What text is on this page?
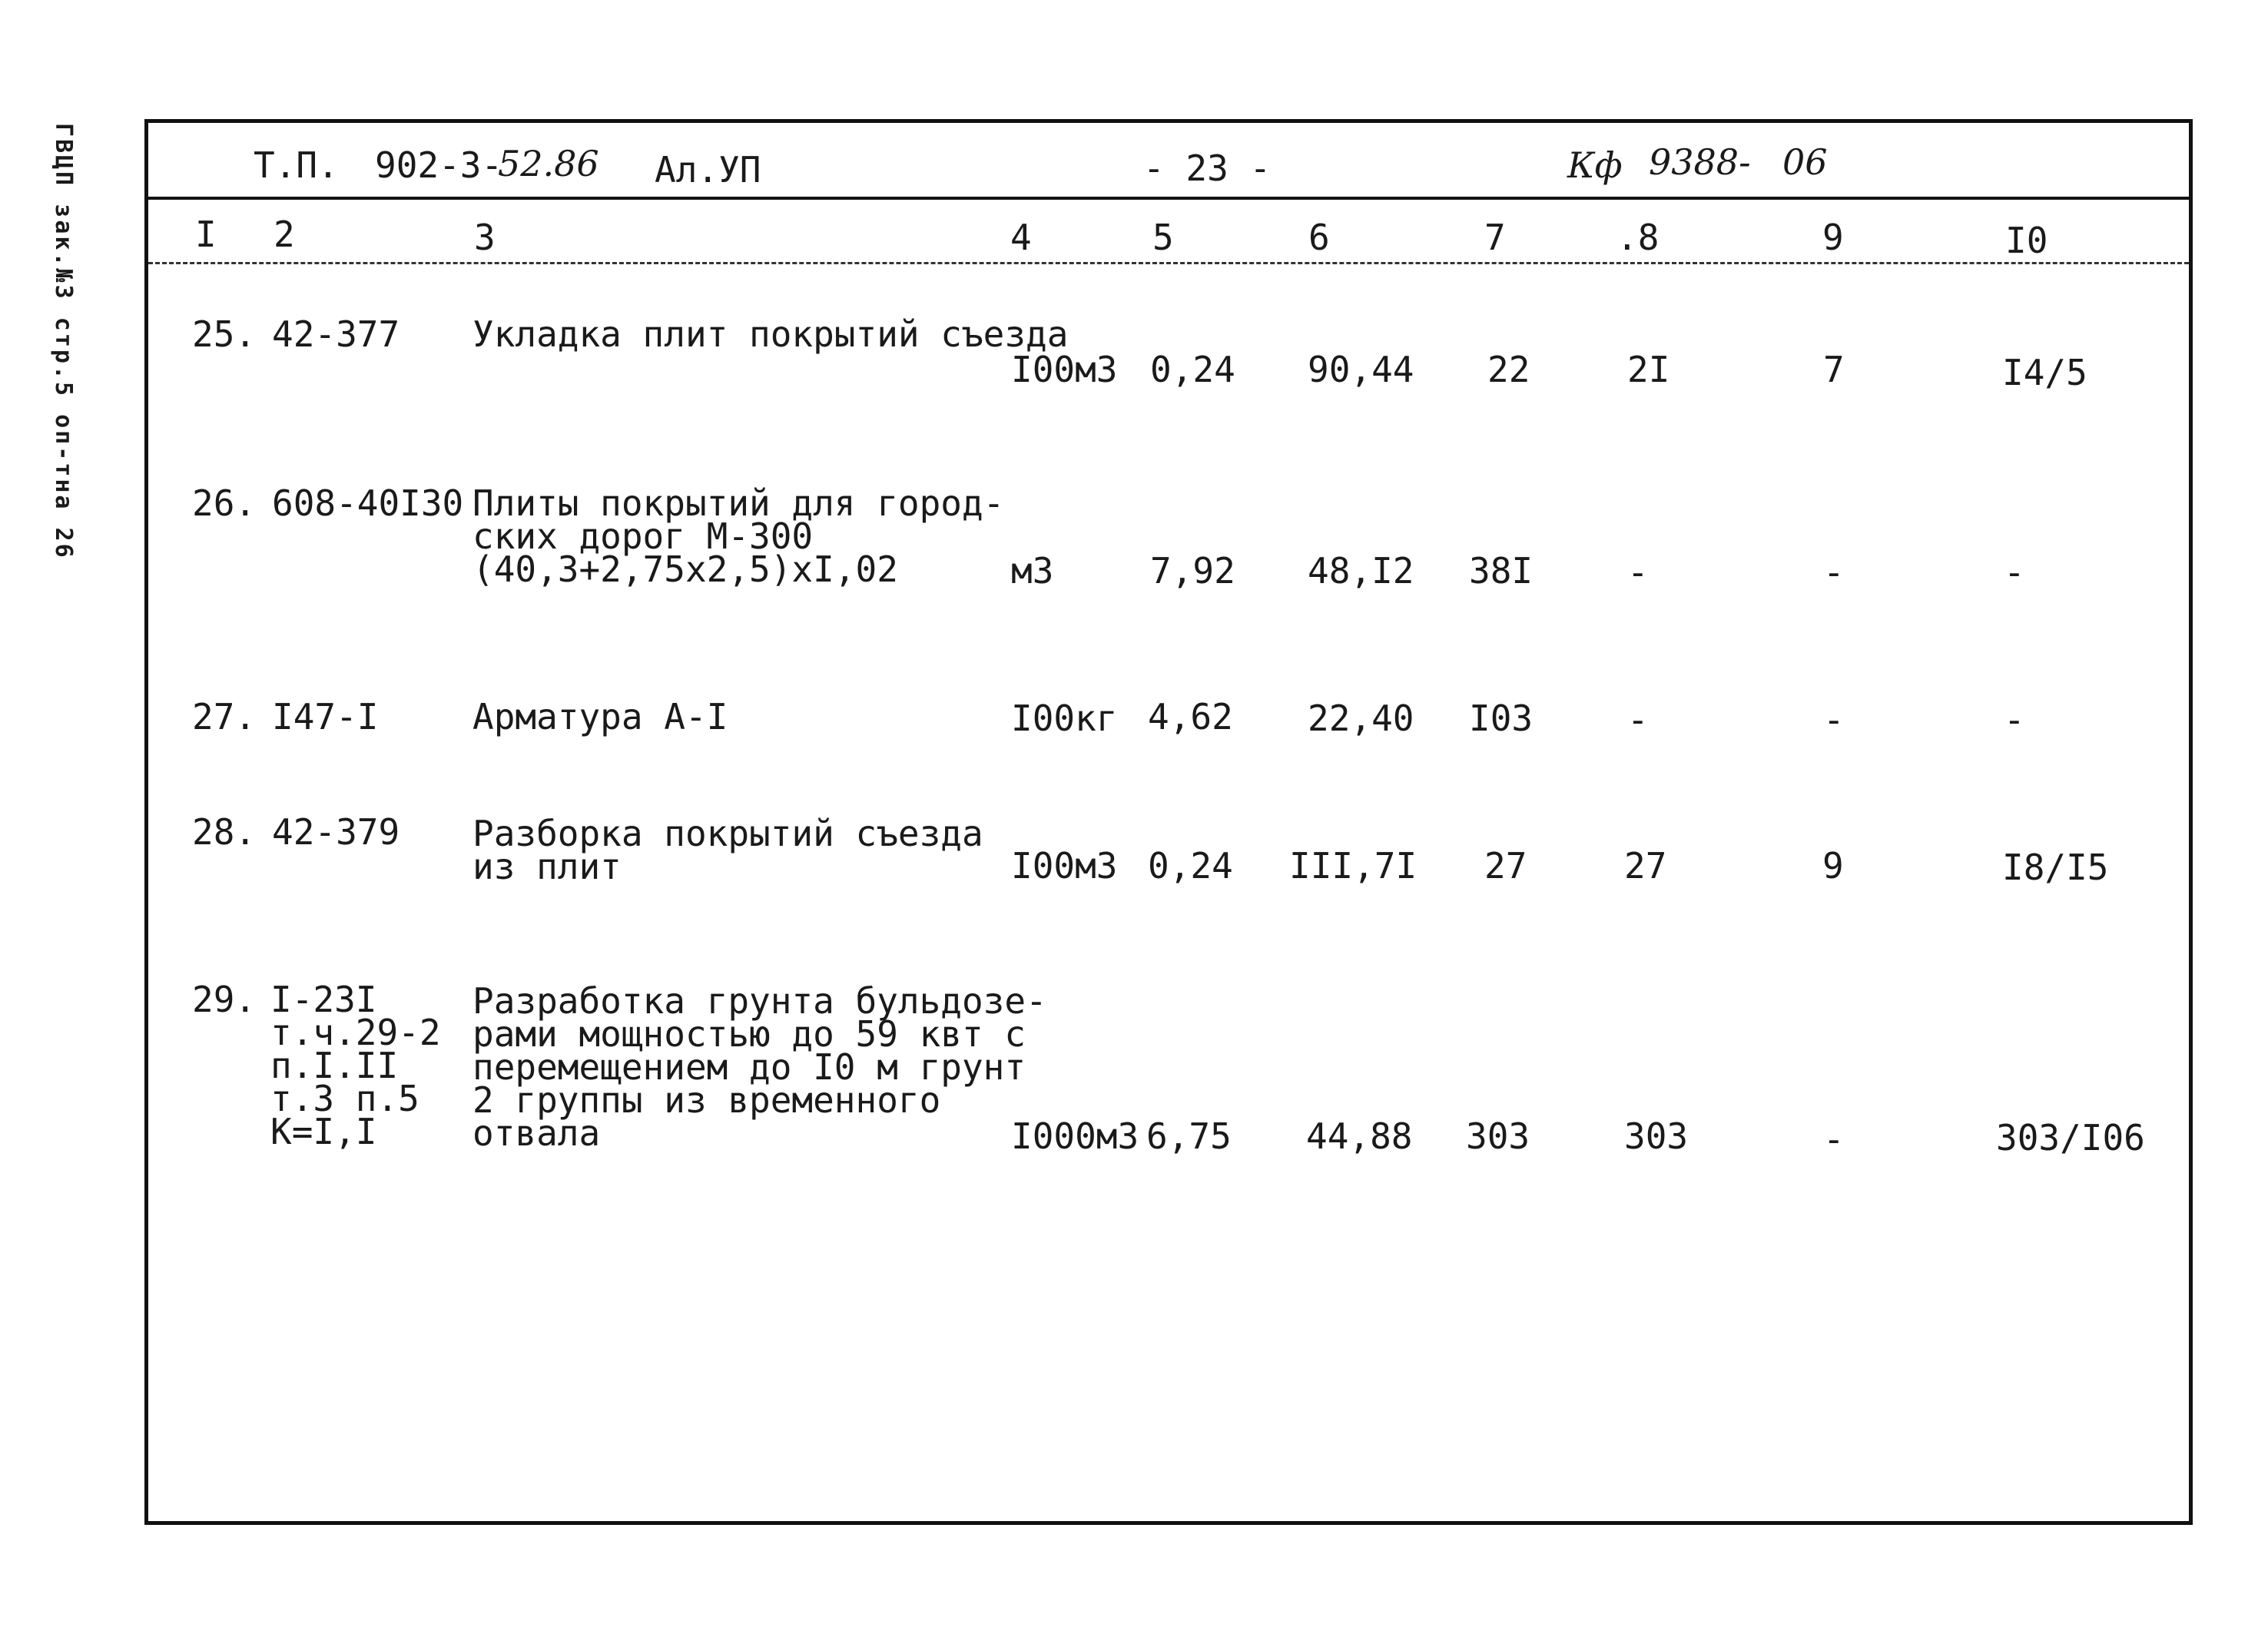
ГВЦП зак.№3 стр.5 оп-тна 26	Т.П. 902-3-
52.86 Ал.УП	- 23 -	Кф 9388- 06
I 2	3	4	5	6	7	.8	9	I0
25. 42-377 Укладка плит покрытий съезда
I00м3 0,24 90,44 22	2I	7	I4/5
26. 608-40I30 Плиты покрытий для город-
ских дорог М-300
(40,3+2,75x2,5)xI,02	м3	7,92 48,I2 38I	-	-	-
27. I47-I	Арматура А-I	I00кг 4,62 22,40 I03	-	-	-
28. 42-379 Разборка покрытий съезда
из плит	I00м3 0,24 III,7I 27	27	9	I8/I5
29. I-23I
т.ч.29-2
п.I.II
т.3 п.5
К=I,I
Разработка грунта бульдозе-
рами мощностью до 59 квт с
перемещением до I0 м грунт
2 группы из временного
отвала	I000м3 6,75 44,88 303	303	-	303/I06
